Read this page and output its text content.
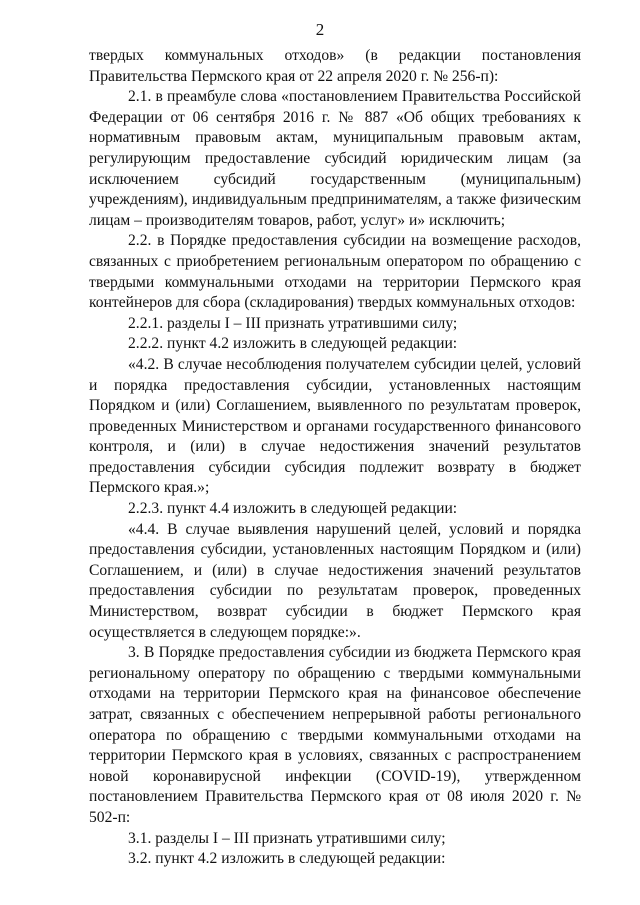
2

твердых коммунальных отходов» (в редакции постановления Правительства Пермского края от 22 апреля 2020 г. № 256-п):

2.1. в преамбуле слова «постановлением Правительства Российской Федерации от 06 сентября 2016 г. № 887 «Об общих требованиях к нормативным правовым актам, муниципальным правовым актам, регулирующим предоставление субсидий юридическим лицам (за исключением субсидий государственным (муниципальным) учреждениям), индивидуальным предпринимателям, а также физическим лицам – производителям товаров, работ, услуг» и» исключить;

2.2. в Порядке предоставления субсидии на возмещение расходов, связанных с приобретением региональным оператором по обращению с твердыми коммунальными отходами на территории Пермского края контейнеров для сбора (складирования) твердых коммунальных отходов:

2.2.1. разделы I – III признать утратившими силу;

2.2.2. пункт 4.2 изложить в следующей редакции:

«4.2. В случае несоблюдения получателем субсидии целей, условий и порядка предоставления субсидии, установленных настоящим Порядком и (или) Соглашением, выявленного по результатам проверок, проведенных Министерством и органами государственного финансового контроля, и (или) в случае недостижения значений результатов предоставления субсидии субсидия подлежит возврату в бюджет Пермского края.»;

2.2.3. пункт 4.4 изложить в следующей редакции:

«4.4. В случае выявления нарушений целей, условий и порядка предоставления субсидии, установленных настоящим Порядком и (или) Соглашением, и (или) в случае недостижения значений результатов предоставления субсидии по результатам проверок, проведенных Министерством, возврат субсидии в бюджет Пермского края осуществляется в следующем порядке:».

3. В Порядке предоставления субсидии из бюджета Пермского края региональному оператору по обращению с твердыми коммунальными отходами на территории Пермского края на финансовое обеспечение затрат, связанных с обеспечением непрерывной работы регионального оператора по обращению с твердыми коммунальными отходами на территории Пермского края в условиях, связанных с распространением новой коронавирусной инфекции (COVID-19), утвержденном постановлением Правительства Пермского края от 08 июля 2020 г. № 502-п:

3.1. разделы I – III признать утратившими силу;

3.2. пункт 4.2 изложить в следующей редакции:
